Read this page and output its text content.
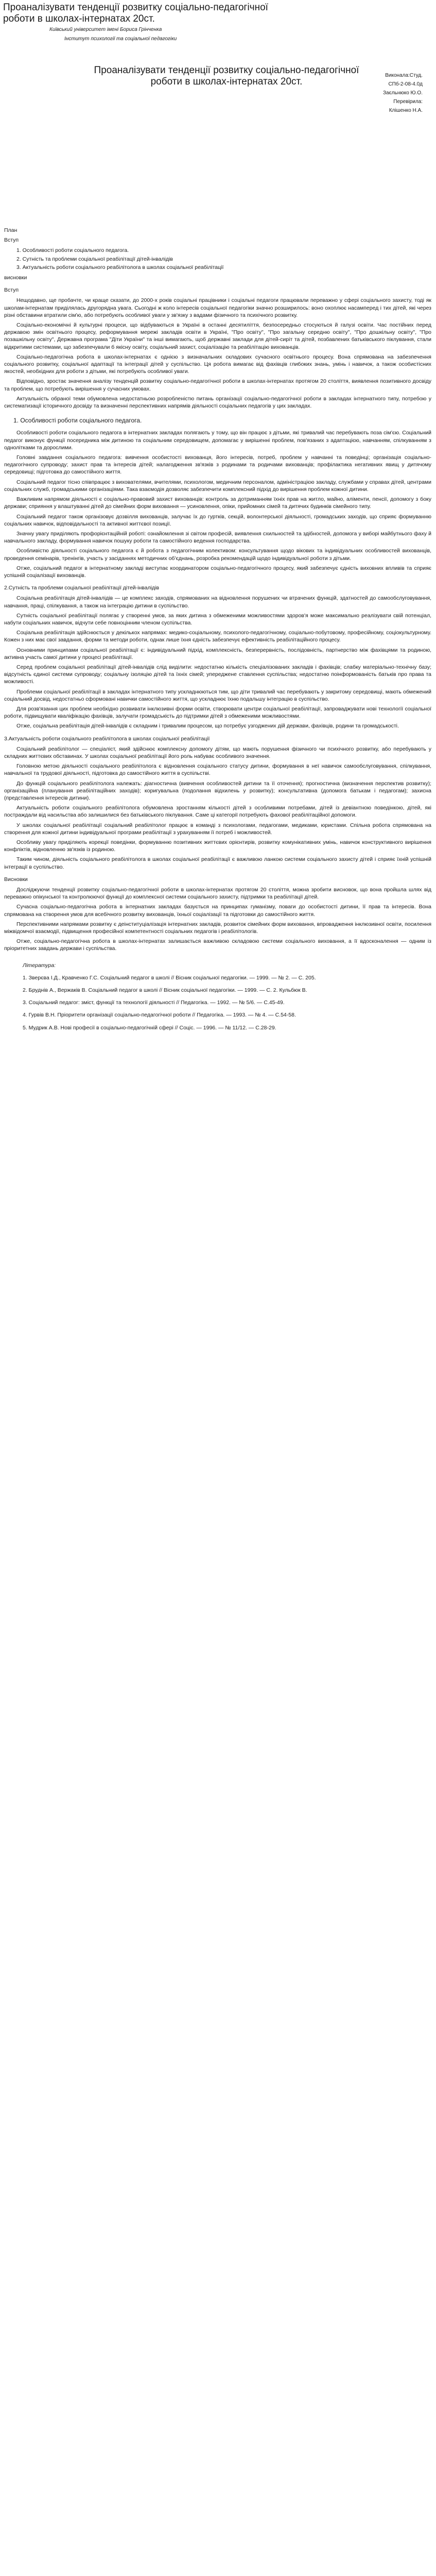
Проаналізувати тенденції розвитку соціально-педагогічної роботи в школах-інтернатах 20ст.
Київський університет імені Бориса Грінченка
Інститут психології та соціальної педагогіки
Проаналізувати тенденції розвитку соціально-педагогічної роботи в школах-інтернатах 20ст.
Виконала:Студ.
СПб-2-08-4.0д
Заєльнюко Ю.О.
Перевірила:
Клішенко Н.А.

План

Вступ

1. Особливості роботи соціального педагога.
2. Сутність та проблеми соціальної реабілітації дітей-інвалідів
3. Актуальність роботи соціального реабілітолога в школах соціальної реабілітації

висновки

Вступ

Нещодавно, ще пробачте, чи краще сказати, до 2000-х років соціальні працівники і соціальні педагоги працювали переважно у сфері соціального захисту, тоді як школам-інтернатам приділялась другорядна увага. Сьогодні ж коло інтересів соціальної педагогіки значно розширилось: воно охоплює насамперед і тих дітей, які через різні обставини втратили сім'ю, або потребують особливої уваги у зв'язку з вадами фізичного та психічного розвитку.

Соціально-економічні й культурні процеси, що відбуваються в Україні в останні десятиліття, безпосередньо стосуються й галузі освіти. Час постійних перед державою змін освітнього процесу, реформування мережі закладів освіти в Україні, "Про освіту", "Про загальну середню освіту", "Про дошкільну освіту", "Про позашкільну освіту", Державна програма "Діти України" та інші вимагають, щоб державні заклади для дітей-сиріт та дітей, позбавлених батьківського піклування, стали відкритими системами, що забезпечували б якісну освіту, соціальний захист, соціалізацію та реабілітацію вихованців.

Соціально-педагогічна робота в школах-інтернатах є однією з визначальних складових сучасного освітнього процесу. Вона спрямована на забезпечення соціального розвитку, соціальної адаптації та інтеграції дітей у суспільство. Ця робота вимагає від фахівців глибоких знань, умінь і навичок, а також особистісних якостей, необхідних для роботи з дітьми, які потребують особливої уваги.

Відповідно, зростає значення аналізу тенденцій розвитку соціально-педагогічної роботи в школах-інтернатах протягом 20 століття, виявлення позитивного досвіду та проблем, що потребують вирішення у сучасних умовах.

Актуальність обраної теми обумовлена недостатньою розробленістю питань організації соціально-педагогічної роботи в закладах інтернатного типу, потребою у систематизації історичного досвіду та визначенні перспективних напрямів діяльності соціальних педагогів у цих закладах.

1. Особливості роботи соціального педагога.

Особливості роботи соціального педагога в інтернатних закладах полягають у тому, що він працює з дітьми, які тривалий час перебувають поза сім'єю. Соціальний педагог виконує функції посередника між дитиною та соціальним середовищем, допомагає у вирішенні проблем, пов'язаних з адаптацією, навчанням, спілкуванням з однолітками та дорослими.

Головні завдання соціального педагога: вивчення особистості вихованця, його інтересів, потреб, проблем у навчанні та поведінці; організація соціально-педагогічного супроводу; захист прав та інтересів дітей; налагодження зв'язків з родинами та родичами вихованців; профілактика негативних явищ у дитячому середовищі; підготовка до самостійного життя.

Соціальний педагог тісно співпрацює з вихователями, вчителями, психологом, медичним персоналом, адміністрацією закладу, службами у справах дітей, центрами соціальних служб, громадськими організаціями. Така взаємодія дозволяє забезпечити комплексний підхід до вирішення проблем кожної дитини.

Важливим напрямом діяльності є соціально-правовий захист вихованців: контроль за дотриманням їхніх прав на житло, майно, аліменти, пенсії, допомогу з боку держави; сприяння у влаштуванні дітей до сімейних форм виховання — усиновлення, опіки, прийомних сімей та дитячих будинків сімейного типу.

Соціальний педагог також організовує дозвілля вихованців, залучає їх до гуртків, секцій, волонтерської діяльності, громадських заходів, що сприяє формуванню соціальних навичок, відповідальності та активної життєвої позиції.

Значну увагу приділяють профорієнтаційній роботі: ознайомлення зі світом професій, виявлення схильностей та здібностей, допомога у виборі майбутнього фаху й навчального закладу, формування навичок пошуку роботи та самостійного ведення господарства.

Особливістю діяльності соціального педагога є й робота з педагогічним колективом: консультування щодо вікових та індивідуальних особливостей вихованців, проведення семінарів, тренінгів, участь у засіданнях методичних об'єднань, розробка рекомендацій щодо індивідуальної роботи з дітьми.

Отже, соціальний педагог в інтернатному закладі виступає координатором соціально-педагогічного процесу, який забезпечує єдність виховних впливів та сприяє успішній соціалізації вихованців.

2.Сутність та проблеми соціальної реабілітації дітей-інвалідів

Соціальна реабілітація дітей-інвалідів — це комплекс заходів, спрямованих на відновлення порушених чи втрачених функцій, здатностей до самообслуговування, навчання, праці, спілкування, а також на інтеграцію дитини в суспільство.

Сутність соціальної реабілітації полягає у створенні умов, за яких дитина з обмеженими можливостями здоров'я може максимально реалізувати свій потенціал, набути соціальних навичок, відчути себе повноцінним членом суспільства.

Соціальна реабілітація здійснюється у декількох напрямах: медико-соціальному, психолого-педагогічному, соціально-побутовому, професійному, соціокультурному. Кожен з них має свої завдання, форми та методи роботи, однак лише їхня єдність забезпечує ефективність реабілітаційного процесу.

Основними принципами соціальної реабілітації є: індивідуальний підхід, комплексність, безперервність, послідовність, партнерство між фахівцями та родиною, активна участь самої дитини у процесі реабілітації.

Серед проблем соціальної реабілітації дітей-інвалідів слід виділити: недостатню кількість спеціалізованих закладів і фахівців; слабку матеріально-технічну базу; відсутність єдиної системи супроводу; соціальну ізоляцію дітей та їхніх сімей; упереджене ставлення суспільства; недостатню поінформованість батьків про права та можливості.

Проблеми соціальної реабілітації в закладах інтернатного типу ускладнюються тим, що діти тривалий час перебувають у закритому середовищі, мають обмежений соціальний досвід, недостатньо сформовані навички самостійного життя, що ускладнює їхню подальшу інтеграцію в суспільство.

Для розв'язання цих проблем необхідно розвивати інклюзивні форми освіти, створювати центри соціальної реабілітації, запроваджувати нові технології соціальної роботи, підвищувати кваліфікацію фахівців, залучати громадськість до підтримки дітей з обмеженими можливостями.

Отже, соціальна реабілітація дітей-інвалідів є складним і тривалим процесом, що потребує узгоджених дій держави, фахівців, родини та громадськості.

3.Актуальність роботи соціального реабілітолога в школах соціальної реабілітації

Соціальний реабілітолог — спеціаліст, який здійснює комплексну допомогу дітям, що мають порушення фізичного чи психічного розвитку, або перебувають у складних життєвих обставинах. У школах соціальної реабілітації його роль набуває особливого значення.

Головною метою діяльності соціального реабілітолога є відновлення соціального статусу дитини, формування в неї навичок самообслуговування, спілкування, навчальної та трудової діяльності, підготовка до самостійного життя в суспільстві.

До функцій соціального реабілітолога належать: діагностична (вивчення особливостей дитини та її оточення); прогностична (визначення перспектив розвитку); організаційна (планування реабілітаційних заходів); коригувальна (подолання відхилень у розвитку); консультативна (допомога батькам і педагогам); захисна (представлення інтересів дитини).

Актуальність роботи соціального реабілітолога обумовлена зростанням кількості дітей з особливими потребами, дітей із девіантною поведінкою, дітей, які постраждали від насильства або залишилися без батьківського піклування. Саме ці категорії потребують фахової реабілітаційної допомоги.

У школах соціальної реабілітації соціальний реабілітолог працює в команді з психологами, педагогами, медиками, юристами. Спільна робота спрямована на створення для кожної дитини індивідуальної програми реабілітації з урахуванням її потреб і можливостей.

Особливу увагу приділяють корекції поведінки, формуванню позитивних життєвих орієнтирів, розвитку комунікативних умінь, навичок конструктивного вирішення конфліктів, відновленню зв'язків із родиною.

Таким чином, діяльність соціального реабілітолога в школах соціальної реабілітації є важливою ланкою системи соціального захисту дітей і сприяє їхній успішній інтеграції в суспільство.

Висновки

Досліджуючи тенденції розвитку соціально-педагогічної роботи в школах-інтернатах протягом 20 століття, можна зробити висновок, що вона пройшла шлях від переважно опікунської та контролюючої функції до комплексної системи соціального захисту, підтримки та реабілітації дітей.

Сучасна соціально-педагогічна робота в інтернатних закладах базується на принципах гуманізму, поваги до особистості дитини, її прав та інтересів. Вона спрямована на створення умов для всебічного розвитку вихованців, їхньої соціалізації та підготовки до самостійного життя.

Перспективними напрямами розвитку є деінституціалізація інтернатних закладів, розвиток сімейних форм виховання, впровадження інклюзивної освіти, посилення міжвідомчої взаємодії, підвищення професійної компетентності соціальних педагогів і реабілітологів.

Отже, соціально-педагогічна робота в школах-інтернатах залишається важливою складовою системи соціального виховання, а її вдосконалення — одним із пріоритетних завдань держави і суспільства.

Література:

1. Зверєва І.Д., Кравченко Г.С. Соціальний педагог в школі // Вісник соціальної педагогіки. — 1999. — № 2. — С. 205.

2. Бруднів А., Вержаків В. Соціальний педагог в школі // Вісник соціальної педагогіки. — 1999. — С. 2. Кульбюк В.

3. Соціальний педагог: зміст, функції та технології діяльності // Педагогіка. — 1992. — № 5/6. — С.45-49.

4. Гурвів В.Н. Пріоритети організації соціально-педагогічної роботи // Педагогіка. — 1993. — № 4. — С.54-58.

5. Мудрик А.В. Нові професії в соціально-педагогічній сфері // Соціс. — 1996. — № 11/12. — С.28-29.
